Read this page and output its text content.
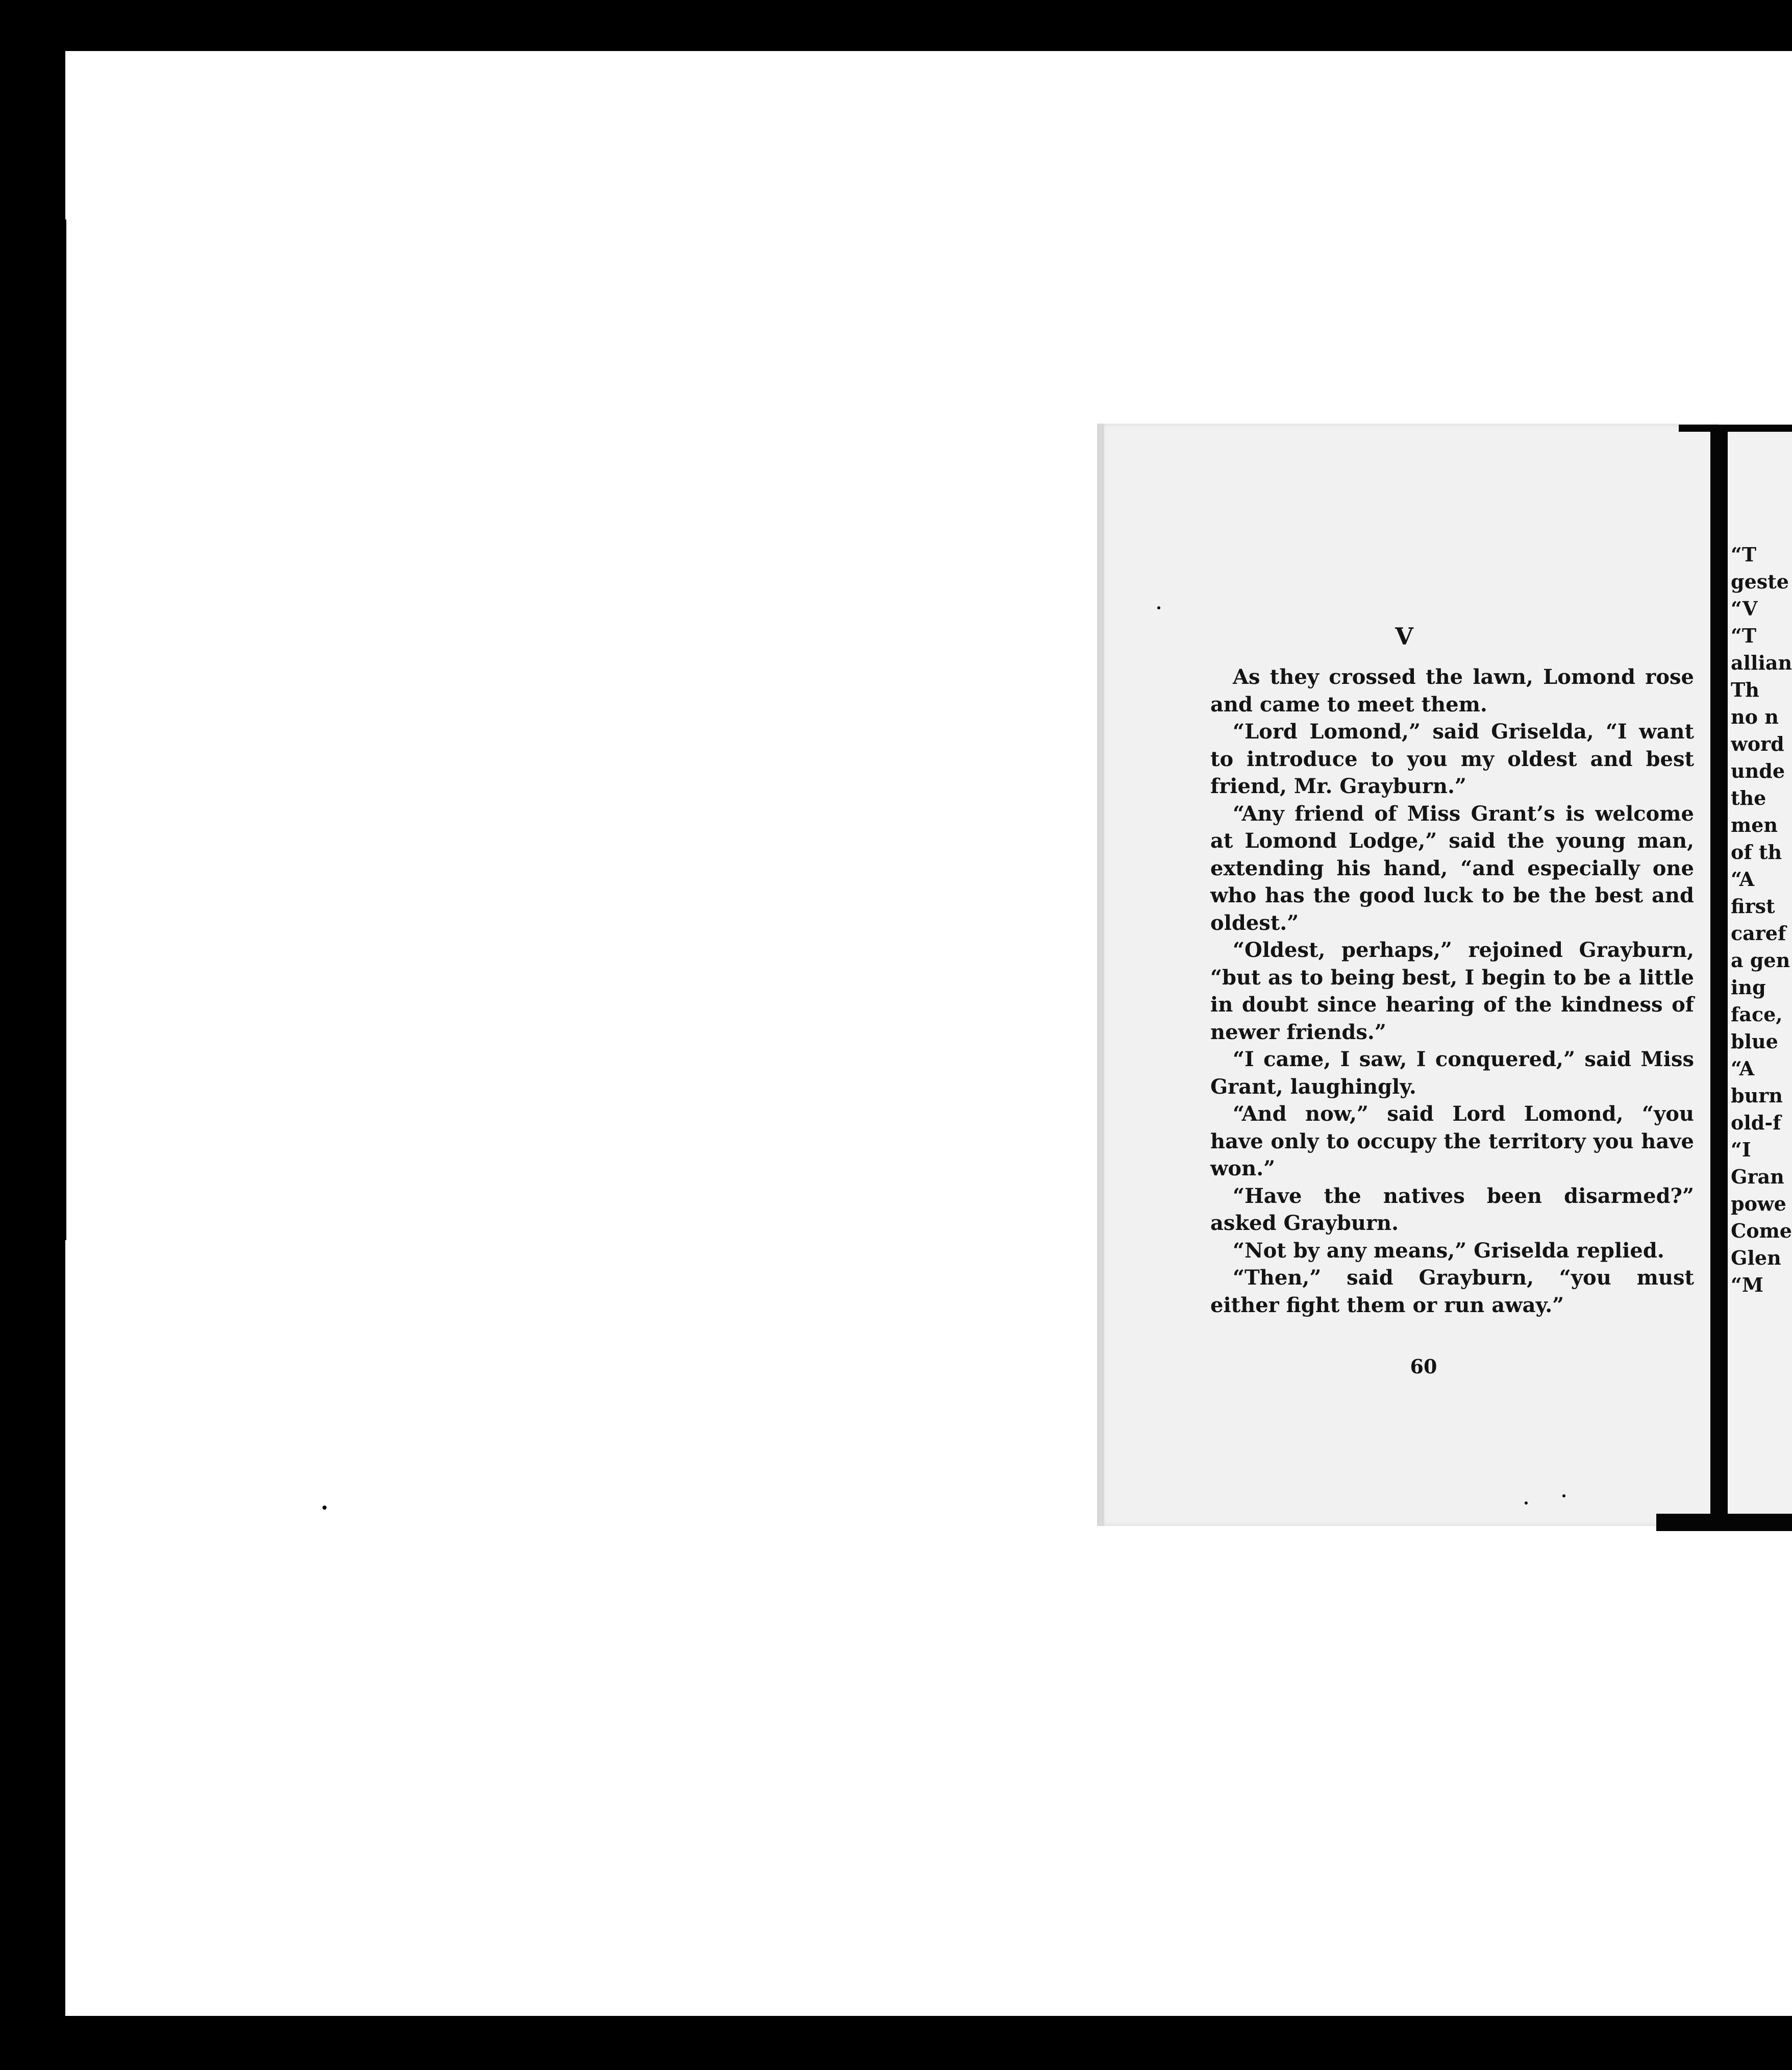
V

As they crossed the lawn, Lomond rose and came to meet them.

“Lord Lomond,” said Griselda, “I want to introduce to you my oldest and best friend, Mr. Grayburn.”

“Any friend of Miss Grant’s is welcome at Lomond Lodge,” said the young man, extending his hand, “and especially one who has the good luck to be the best and oldest.”

“Oldest, perhaps,” rejoined Grayburn, “but as to being best, I begin to be a little in doubt since hearing of the kindness of newer friends.”

“I came, I saw, I conquered,” said Miss Grant, laughingly.

“And now,” said Lord Lomond, “you have only to occupy the territory you have won.”

“Have the natives been disarmed?” asked Grayburn.

“Not by any means,” Griselda replied.

“Then,” said Grayburn, “you must either fight them or run away.”

60
“T
geste
“V
“T
allian
Th
no n
word
unde
the
men
of th
“A
first
caref
a gen
ing
face,
blue
“A
burn
old-f
“I
Gran
powe
Come
Glen
“M
